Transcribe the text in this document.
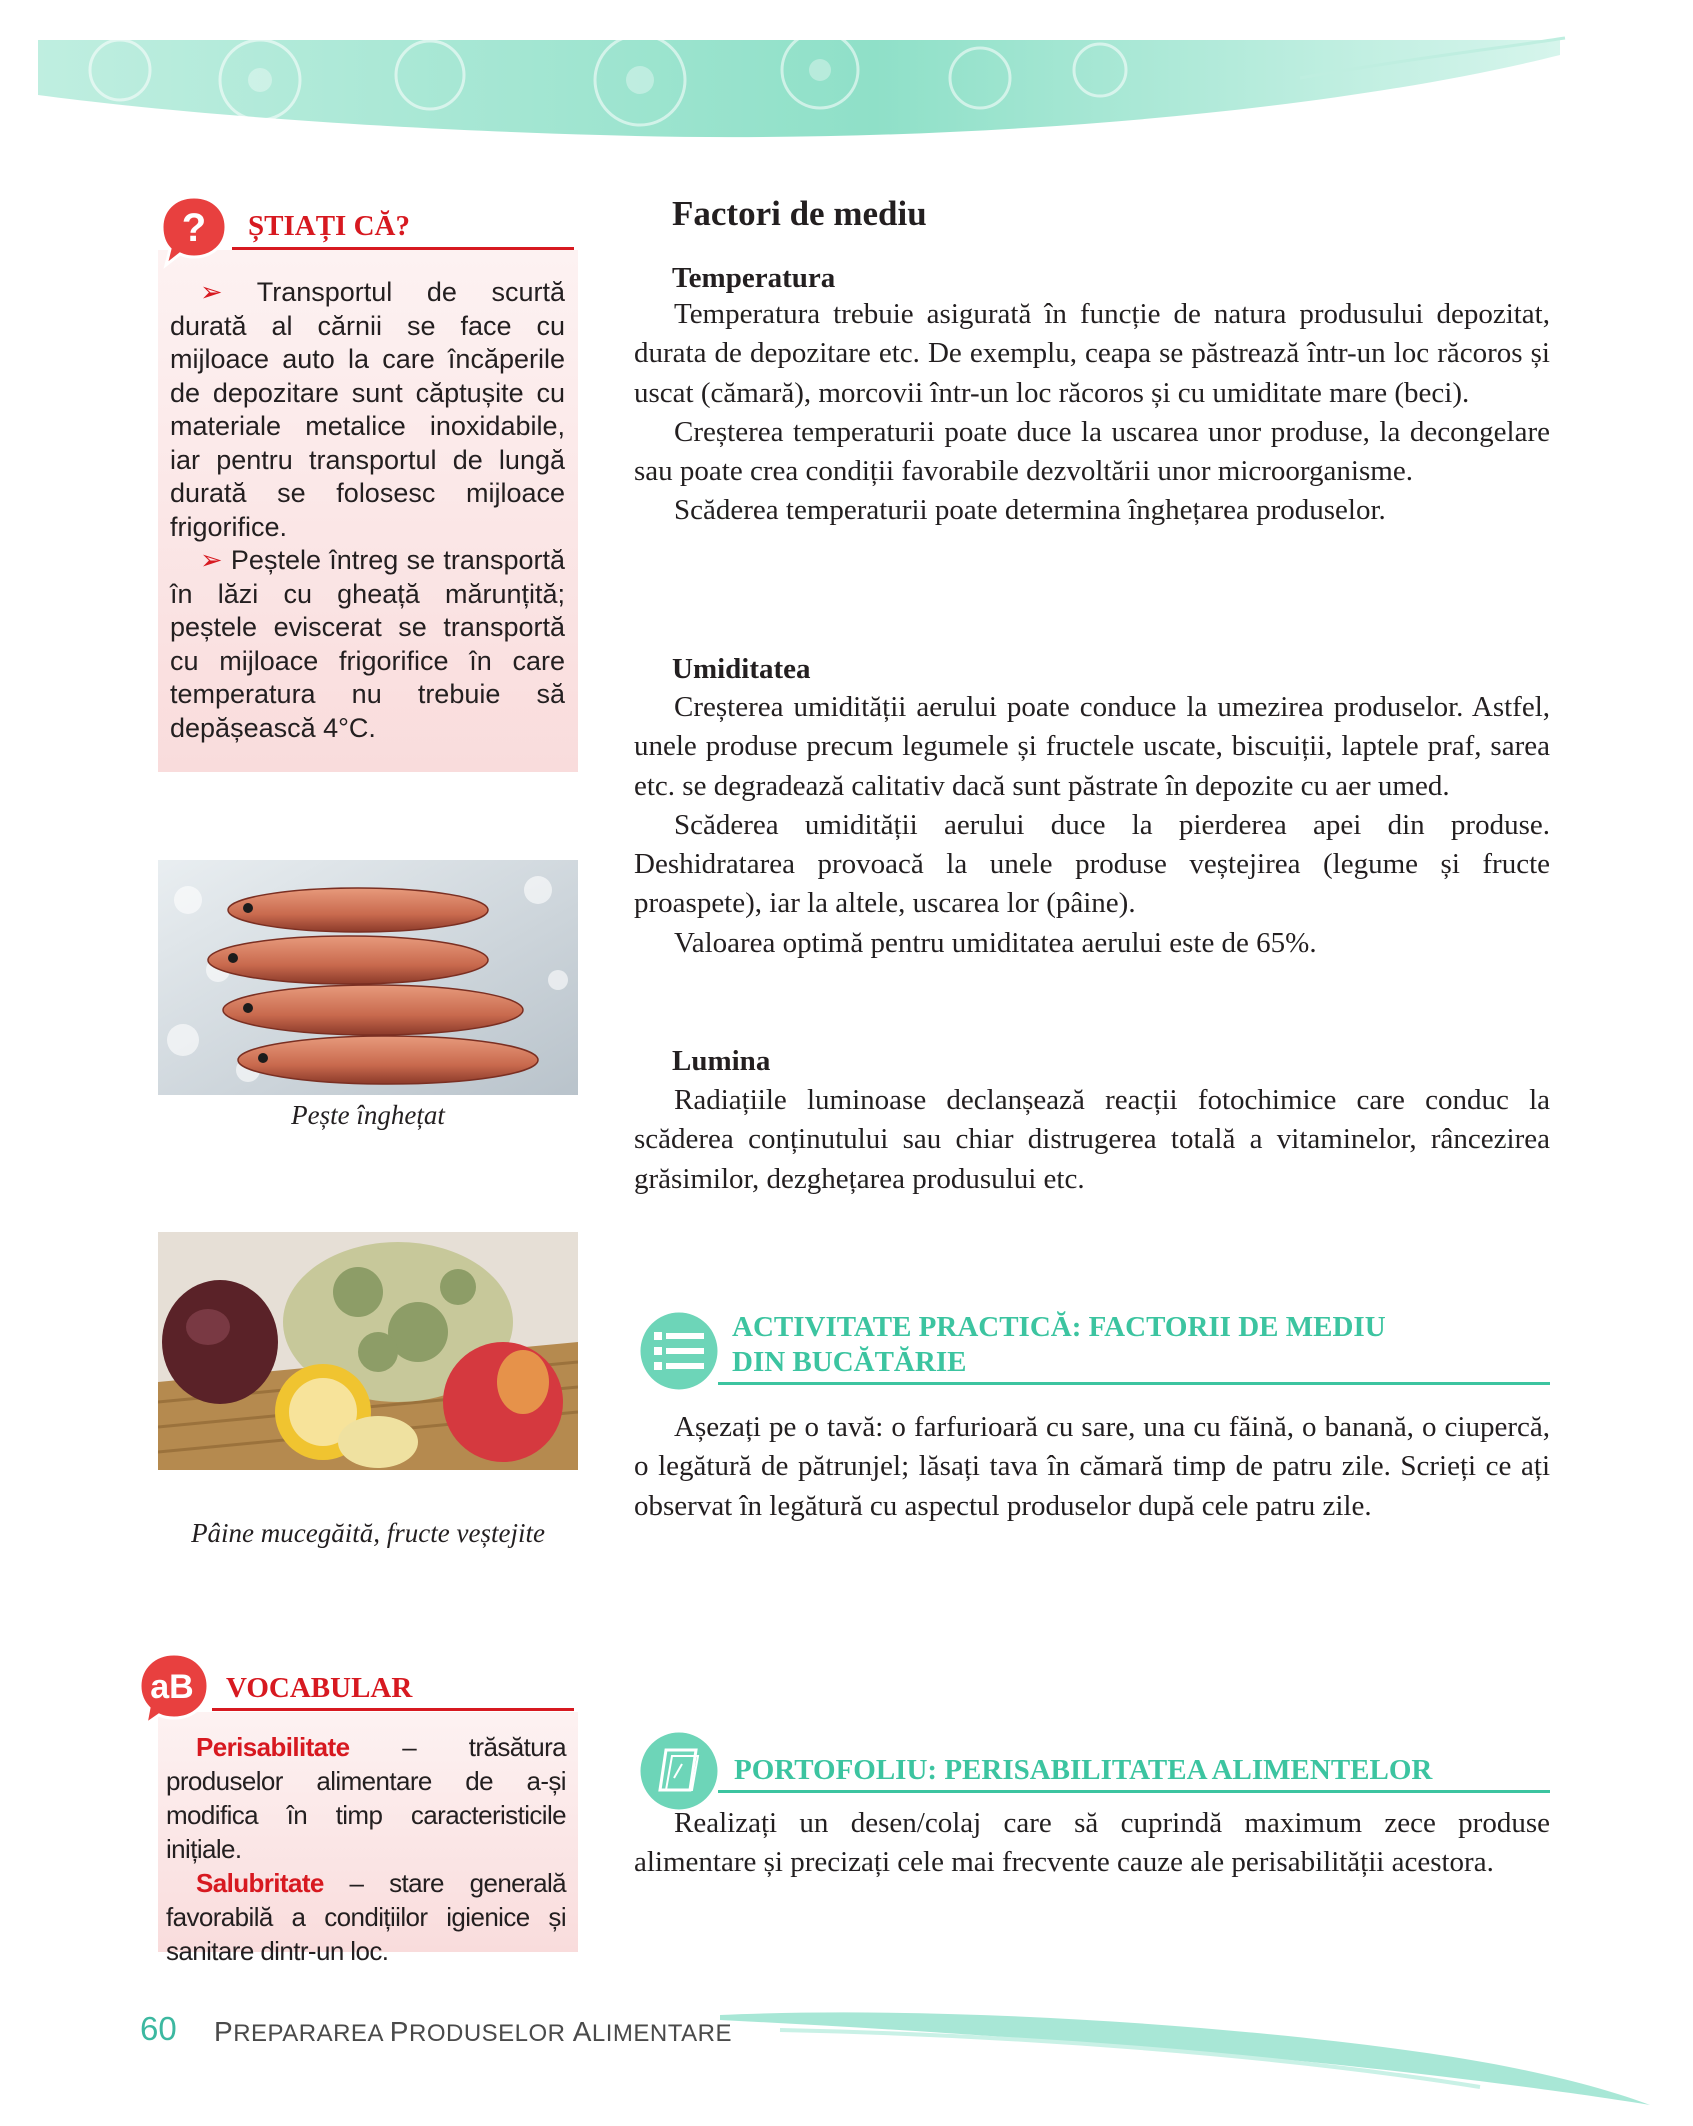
? ȘTIAȚI CĂ?

➢ Transportul de scurtă durată al cărnii se face cu mijloace auto la care încăperile de depozitare sunt căptușite cu materiale metalice inoxidabile, iar pentru transportul de lungă durată se folosesc mijloace frigorifice.

➢ Peștele întreg se transportă în lăzi cu gheață mărunțită; peștele eviscerat se transportă cu mijloace frigorifice în care temperatura nu trebuie să depășească 4°C.

Pește înghețat
Pâine mucegăită, fructe veștejite
aB VOCABULAR

Perisabilitate – trăsătura produselor alimentare de a-și modifica în timp caracteristicile inițiale.

Salubritate – stare generală favorabilă a condițiilor igienice și sanitare dintr-un loc.

Factori de mediu
Temperatura

Temperatura trebuie asigurată în funcție de natura produsului depozitat, durata de depozitare etc. De exemplu, ceapa se păstrează într-un loc răcoros și uscat (cămară), morcovii într-un loc răcoros și cu umiditate mare (beci).

Creșterea temperaturii poate duce la uscarea unor produse, la decongelare sau poate crea condiții favorabile dezvoltării unor microorganisme.

Scăderea temperaturii poate determina înghețarea produselor.

Umiditatea

Creșterea umidității aerului poate conduce la umezirea produselor. Astfel, unele produse precum legumele și fructele uscate, biscuiții, laptele praf, sarea etc. se degradează calitativ dacă sunt păstrate în depozite cu aer umed.

Scăderea umidității aerului duce la pierderea apei din produse. Deshidratarea provoacă la unele produse veștejirea (legume și fructe proaspete), iar la altele, uscarea lor (pâine).

Valoarea optimă pentru umiditatea aerului este de 65%.

Lumina

Radiațiile luminoase declanșează reacții fotochimice care conduc la scăderea conținutului sau chiar distrugerea totală a vitaminelor, râncezirea grăsimilor, dezghețarea produsului etc.

ACTIVITATE PRACTICĂ: FACTORII DE MEDIU
DIN BUCĂTĂRIE

Așezați pe o tavă: o farfurioară cu sare, una cu făină, o banană, o ciupercă, o legătură de pătrunjel; lăsați tava în cămară timp de patru zile. Scrieți ce ați observat în legătură cu aspectul produselor după cele patru zile.

PORTOFOLIU: PERISABILITATEA ALIMENTELOR

Realizați un desen/colaj care să cuprindă maximum zece produse alimentare și precizați cele mai frecvente cauze ale perisabilității acestora.

60 PREPARAREA PRODUSELOR ALIMENTARE
